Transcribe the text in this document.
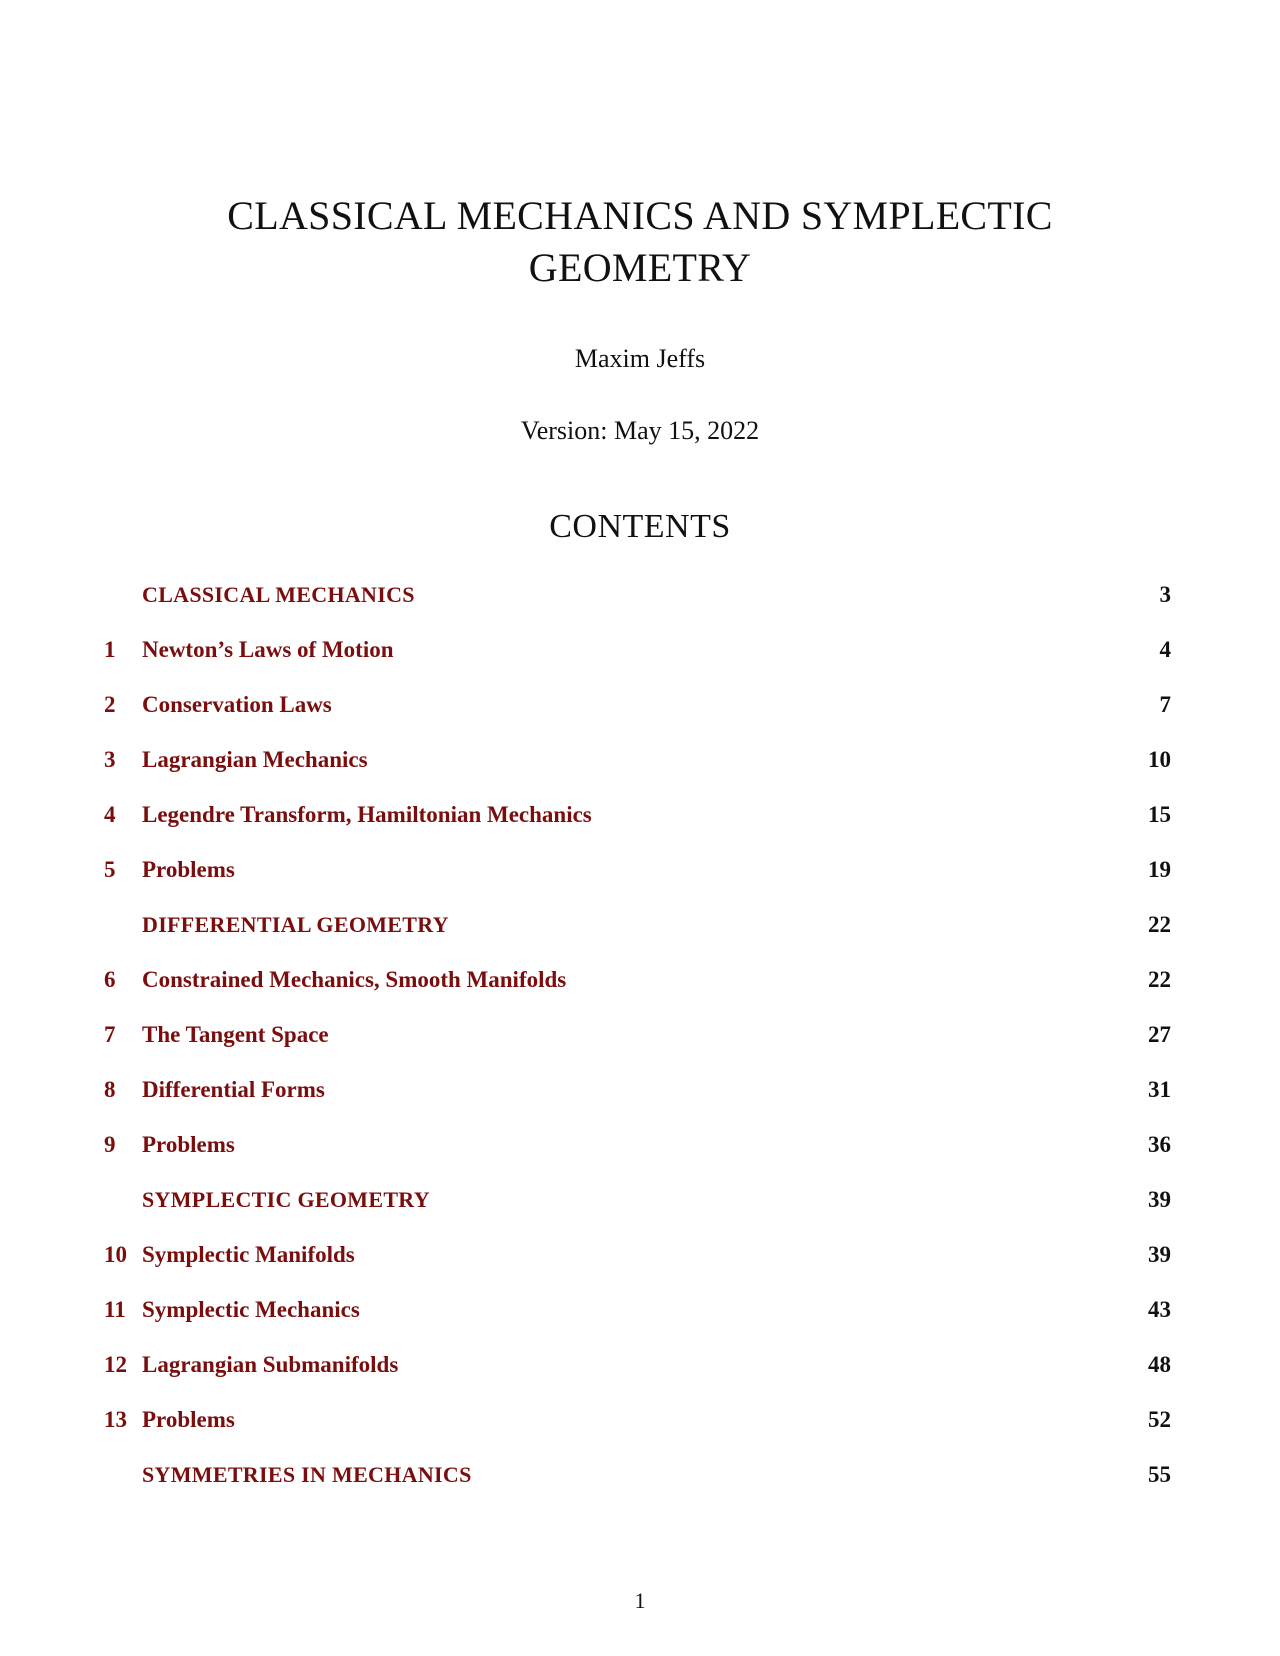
CLASSICAL MECHANICS AND SYMPLECTIC
GEOMETRY
Maxim Jeffs
Version: May 15, 2022
CONTENTS
CLASSICAL MECHANICS	3
1 Newton’s Laws of Motion	4
2 Conservation Laws	7
3 Lagrangian Mechanics	10
4 Legendre Transform, Hamiltonian Mechanics	15
5 Problems	19
DIFFERENTIAL GEOMETRY	22
6 Constrained Mechanics, Smooth Manifolds	22
7 The Tangent Space	27
8 Differential Forms	31
9 Problems	36
SYMPLECTIC GEOMETRY	39
10 Symplectic Manifolds	39
11 Symplectic Mechanics	43
12 Lagrangian Submanifolds	48
13 Problems	52
SYMMETRIES IN MECHANICS	55
1
